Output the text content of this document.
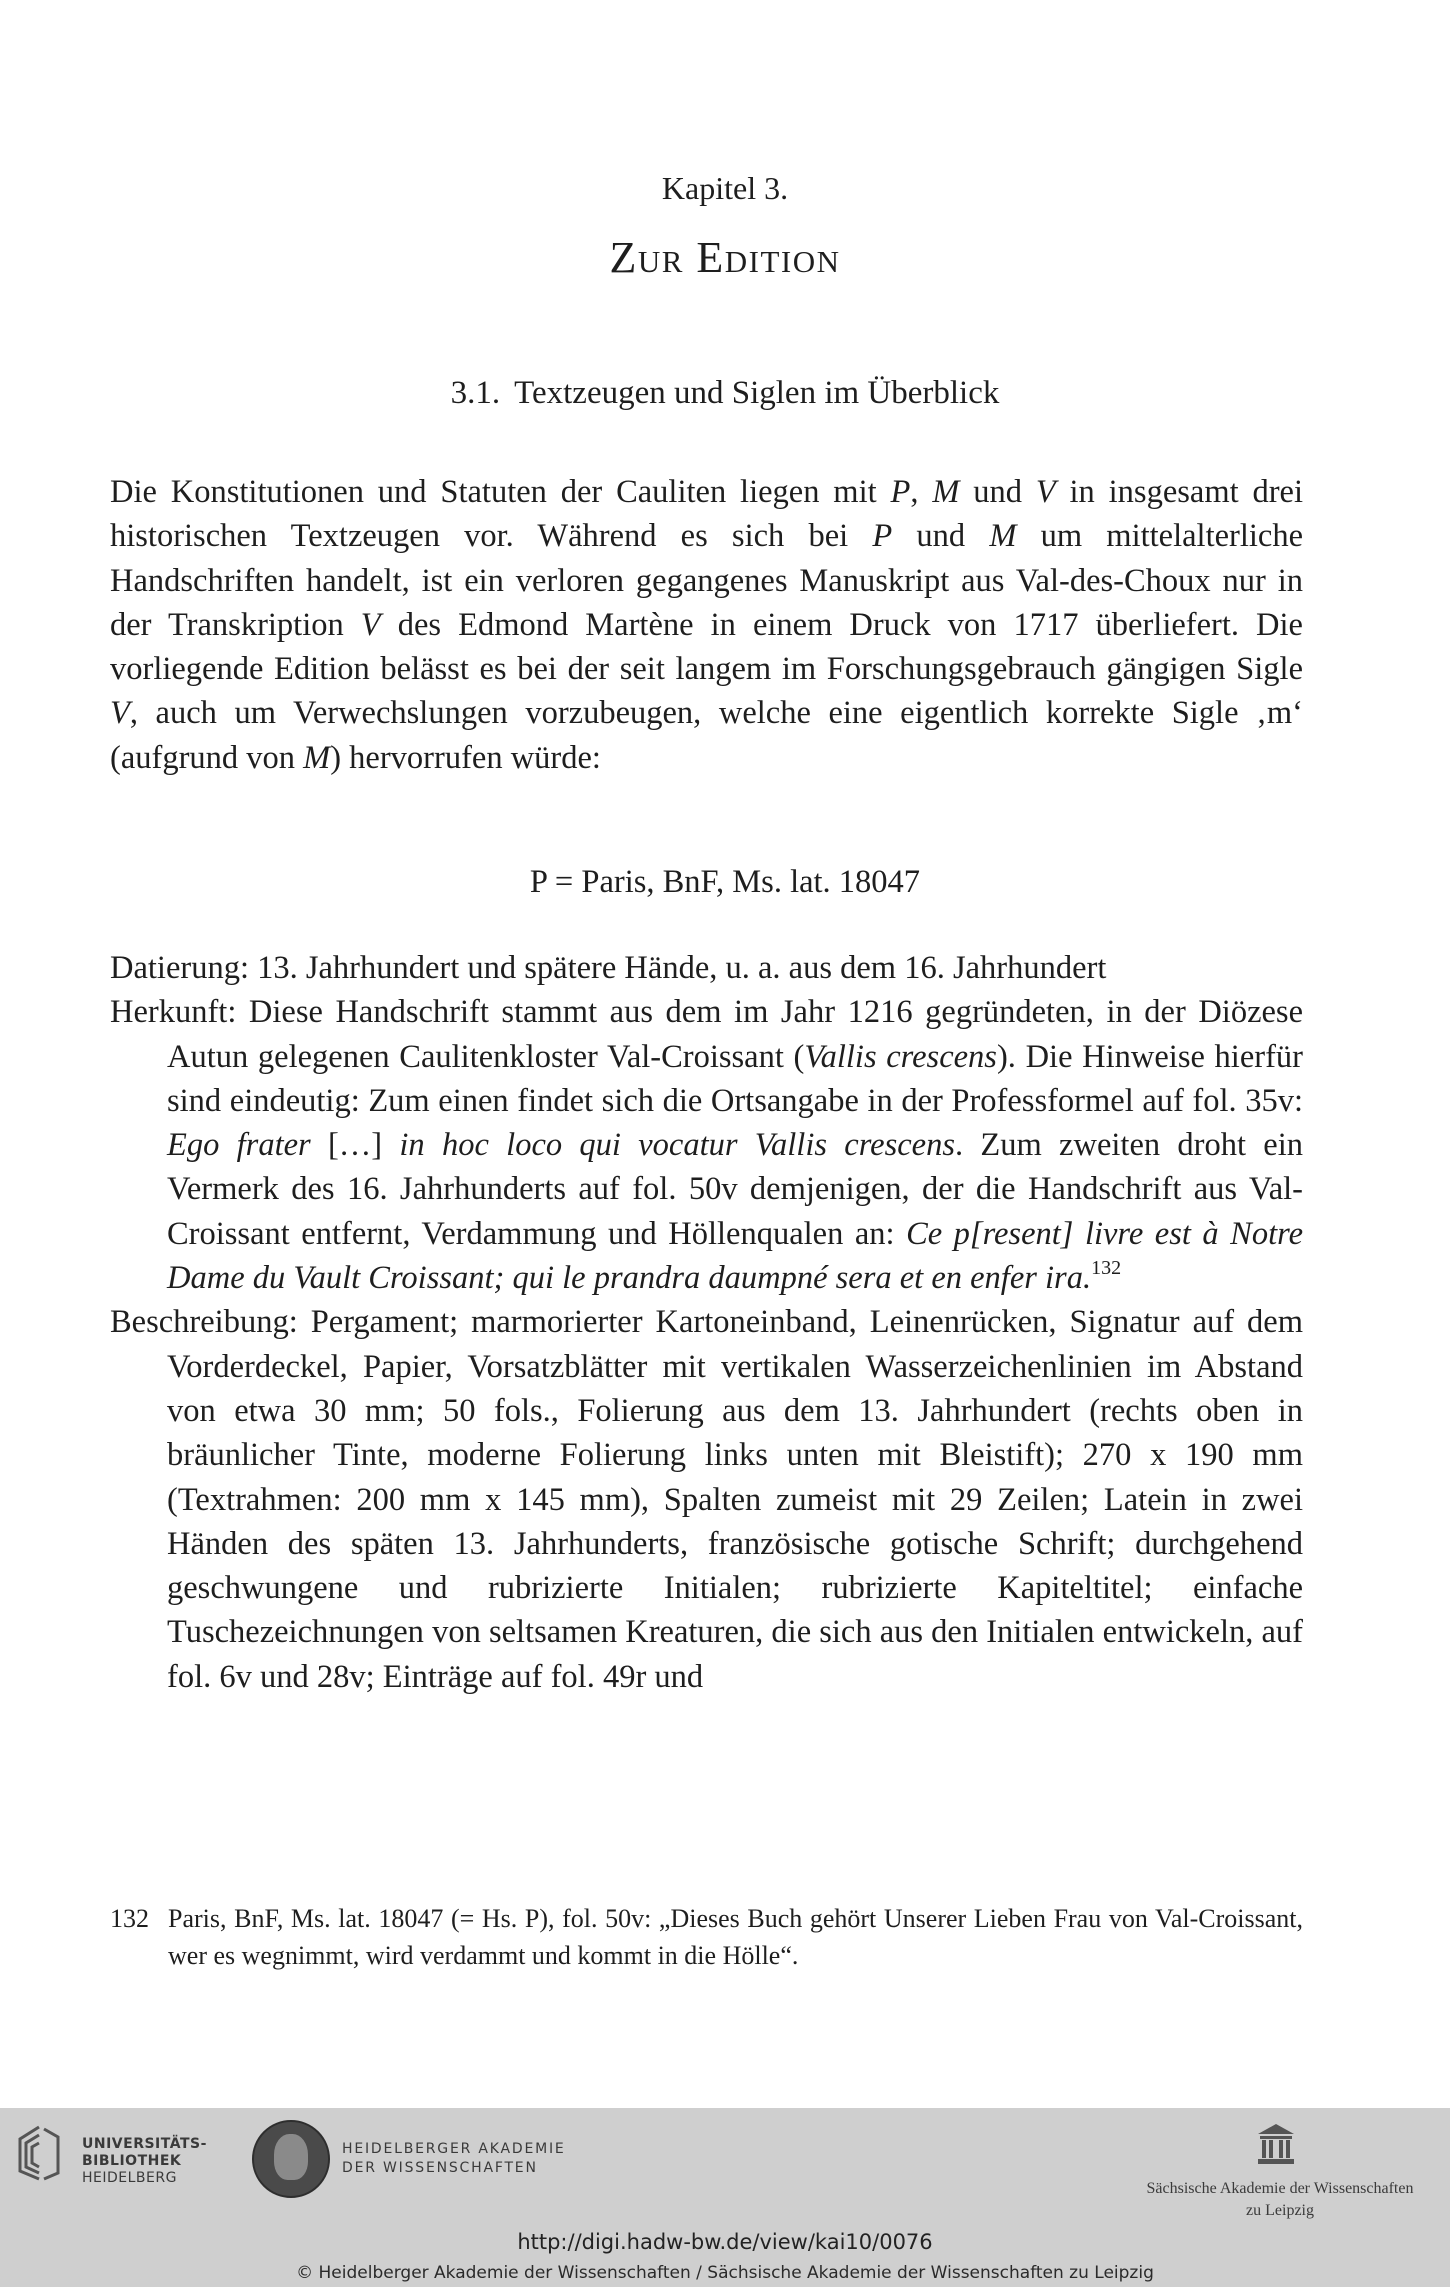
Kapitel 3.
Zur Edition
3.1. Textzeugen und Siglen im Überblick
Die Konstitutionen und Statuten der Cauliten liegen mit P, M und V in insgesamt drei historischen Textzeugen vor. Während es sich bei P und M um mittelalterliche Handschriften handelt, ist ein verloren gegangenes Manuskript aus Val-des-Choux nur in der Transkription V des Edmond Martène in einem Druck von 1717 überliefert. Die vorliegende Edition belässt es bei der seit langem im Forschungsgebrauch gängigen Sigle V, auch um Verwechslungen vorzubeugen, welche eine eigentlich korrekte Sigle ‚m‘ (aufgrund von M) hervorrufen würde:
P = Paris, BnF, Ms. lat. 18047

Datierung: 13. Jahrhundert und spätere Hände, u. a. aus dem 16. Jahrhundert

Herkunft: Diese Handschrift stammt aus dem im Jahr 1216 gegründeten, in der Diözese Autun gelegenen Caulitenkloster Val-Croissant (Vallis crescens). Die Hinweise hierfür sind eindeutig: Zum einen findet sich die Ortsangabe in der Professformel auf fol. 35v: Ego frater […] in hoc loco qui vocatur Vallis crescens. Zum zweiten droht ein Vermerk des 16. Jahrhunderts auf fol. 50v demjenigen, der die Handschrift aus Val-Croissant entfernt, Verdammung und Höllenqualen an: Ce p[resent] livre est à Notre Dame du Vault Croissant; qui le prandra daumpné sera et en enfer ira.$^{132}$

Beschreibung: Pergament; marmorierter Kartoneinband, Leinenrücken, Signatur auf dem Vorderdeckel, Papier, Vorsatzblätter mit vertikalen Wasserzeichenlinien im Abstand von etwa 30 mm; 50 fols., Folierung aus dem 13. Jahrhundert (rechts oben in bräunlicher Tinte, moderne Folierung links unten mit Bleistift); 270 x 190 mm (Textrahmen: 200 mm x 145 mm), Spalten zumeist mit 29 Zeilen; Latein in zwei Händen des späten 13. Jahrhunderts, französische gotische Schrift; durchgehend geschwungene und rubrizierte Initialen; rubrizierte Kapiteltitel; einfache Tuschezeichnungen von seltsamen Kreaturen, die sich aus den Initialen entwickeln, auf fol. 6v und 28v; Einträge auf fol. 49r und

132 Paris, BnF, Ms. lat. 18047 (= Hs. P), fol. 50v: „Dieses Buch gehört Unserer Lieben Frau von Val-Croissant, wer es wegnimmt, wird verdammt und kommt in die Hölle“.
UNIVERSITÄTS-
BIBLIOTHEK
HEIDELBERG
HEIDELBERGER AKADEMIE
DER WISSENSCHAFTEN
Sächsische Akademie der Wissenschaften
zu Leipzig
http://digi.hadw-bw.de/view/kai10/0076
© Heidelberger Akademie der Wissenschaften / Sächsische Akademie der Wissenschaften zu Leipzig
